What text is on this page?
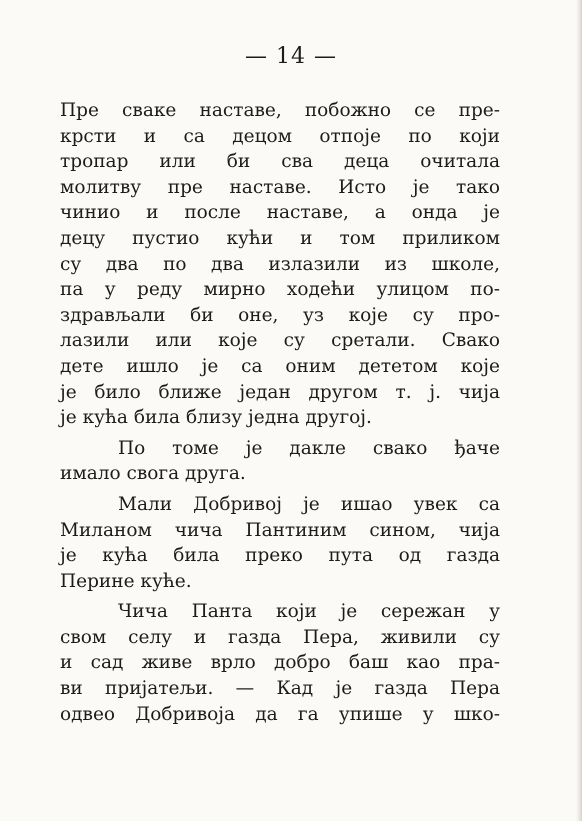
— 14 —
Пре сваке наставе, побожно се пре-
крсти и са децом отпоје по који
тропар или би сва деца очитала
молитву пре наставе. Исто је тако
чинио и после наставе, а онда је
децу пустио кући и том приликом
су два по два излазили из школе,
па у реду мирно ходећи улицом по-
здрављали би оне, уз које су про-
лазили или које су сретали. Свако
дете ишло је са оним дететом које
је било ближе један другом т. ј. чија
је кућа била близу једна другој.
По томе је дакле свако ђаче
имало свога друга.
Мали Добривој је ишао увек са
Миланом чича Пантиним сином, чија
је кућа била преко пута од газда
Перине куће.
Чича Панта који је сережан у
свом селу и газда Пера, живили су
и сад живе врло добро баш као пра-
ви пријатељи. — Кад је газда Пера
одвео Добривоја да га упише у шко-
